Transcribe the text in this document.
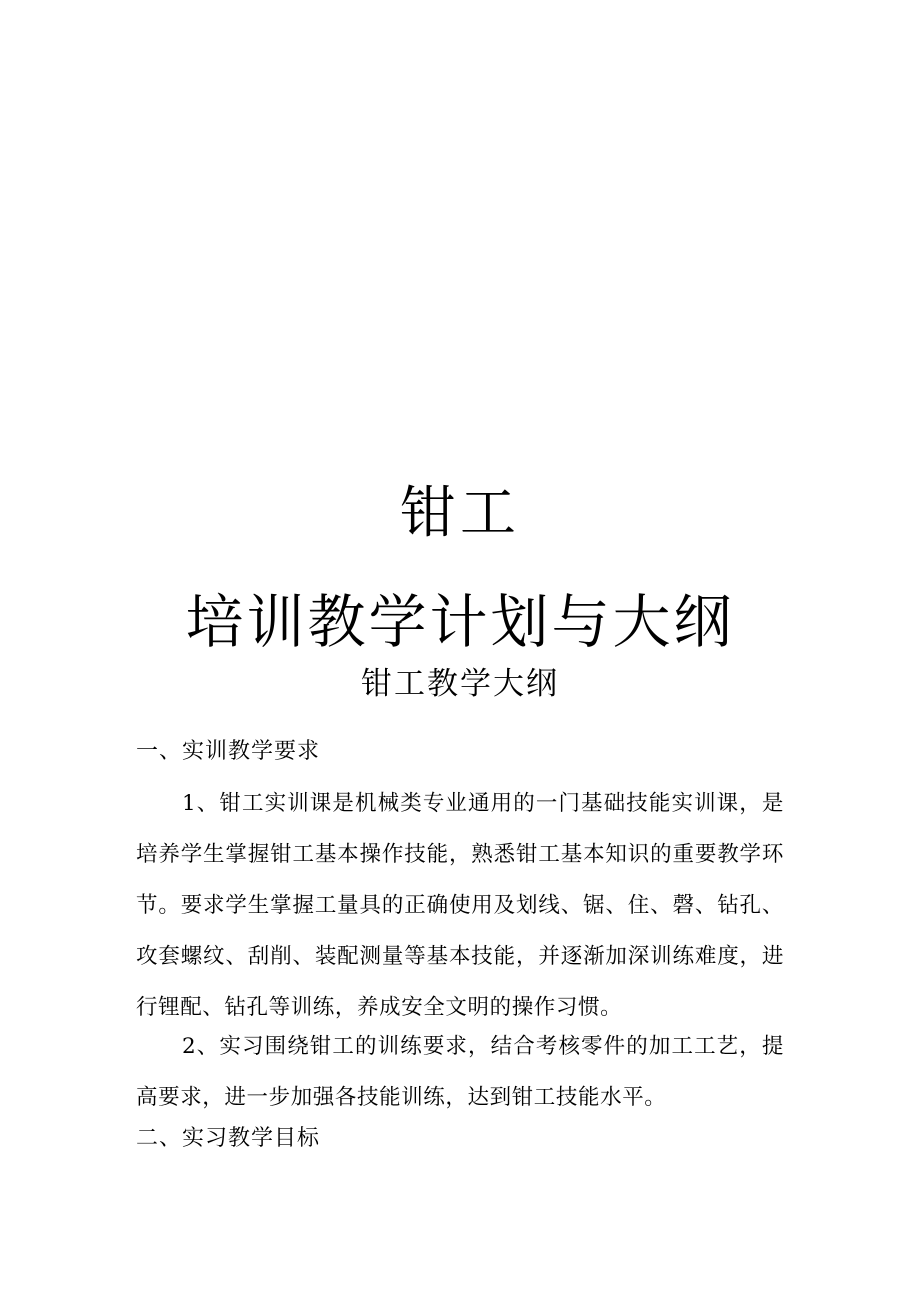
钳工
培训教学计划与大纲
钳工教学大纲
一、实训教学要求

1、钳工实训课是机械类专业通用的一门基础技能实训课，是培养学生掌握钳工基本操作技能，熟悉钳工基本知识的重要教学环节。要求学生掌握工量具的正确使用及划线、锯、住、磬、钻孔、攻套螺纹、刮削、装配测量等基本技能，并逐渐加深训练难度，进行锂配、钻孔等训练，养成安全文明的操作习惯。

2、实习围绕钳工的训练要求，结合考核零件的加工工艺，提高要求，进一步加强各技能训练，达到钳工技能水平。

二、实习教学目标
